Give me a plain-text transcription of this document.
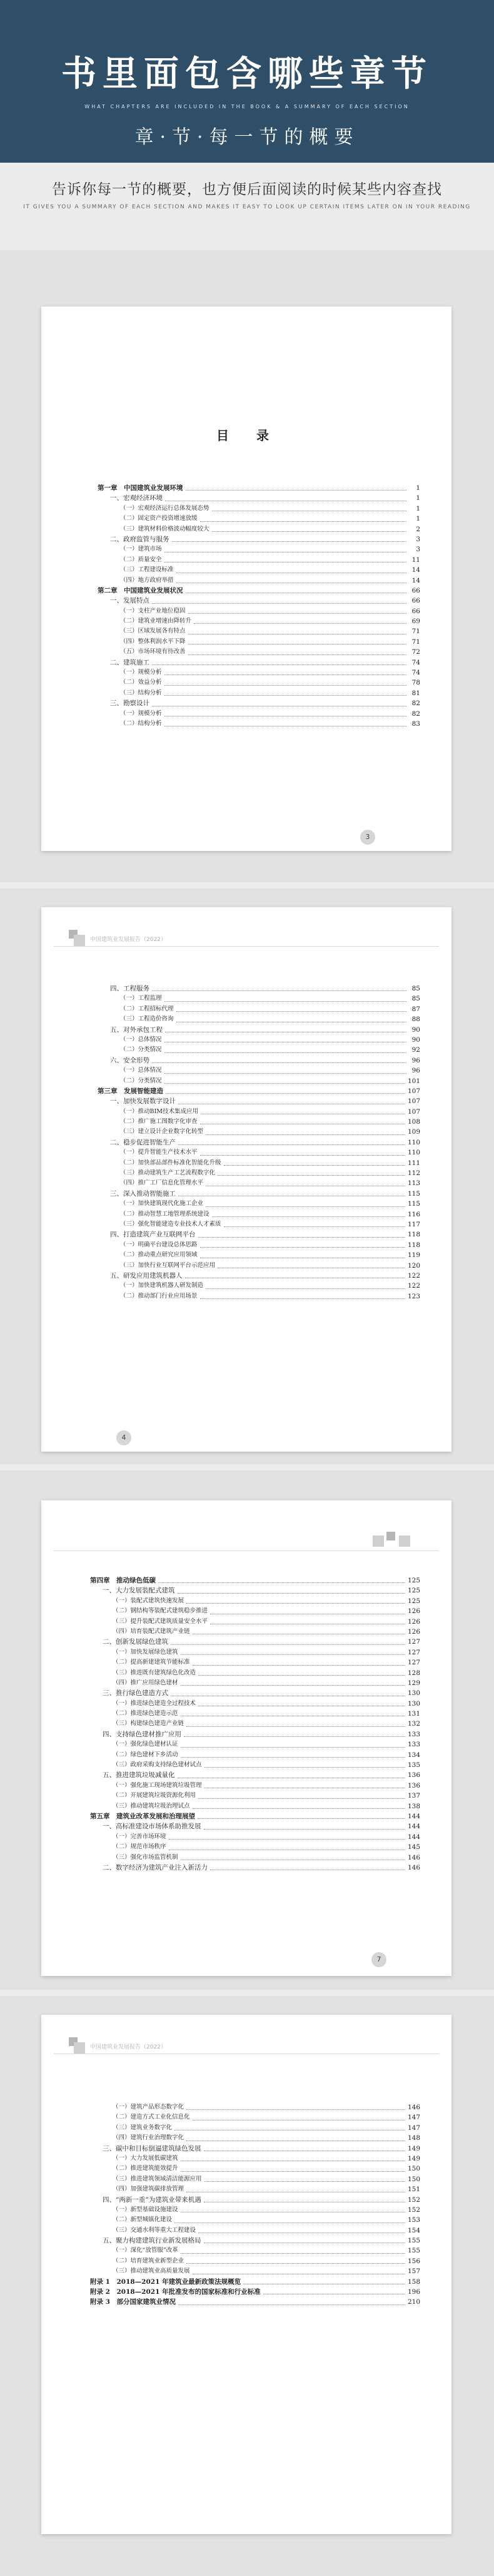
书里面包含哪些章节
WHAT CHAPTERS ARE INCLUDED IN THE BOOK & A SUMMARY OF EACH SECTION
章·节·每一节的概要
告诉你每一节的概要，也方便后面阅读的时候某些内容查找
IT GIVES YOU A SUMMARY OF EACH SECTION AND MAKES IT EASY TO LOOK UP CERTAIN ITEMS LATER ON IN YOUR READING
目　录
第一章　中国建筑业发展环境	1
一、宏观经济环境	1
（一）宏观经济运行总体发展态势	1
（二）固定资产投资增速放缓	1
（三）建筑材料价格波动幅度较大	2
二、政府监管与服务	3
（一）建筑市场	3
（二）质量安全	11
（三）工程建设标准	14
（四）地方政府举措	14
第二章　中国建筑业发展状况	66
一、发展特点	66
（一）支柱产业地位稳固	66
（二）建筑业增速由降转升	69
（三）区域发展各有特点	71
（四）整体利润水平下降	71
（五）市场环境有待改善	72
二、建筑施工	74
（一）规模分析	74
（二）效益分析	78
（三）结构分析	81
三、勘察设计	82
（一）规模分析	82
（二）结构分析	83
3
中国建筑业发展报告（2022）
四、工程服务	85
（一）工程监理	85
（二）工程招标代理	87
（三）工程造价咨询	88
五、对外承包工程	90
（一）总体情况	90
（二）分类情况	92
六、安全形势	96
（一）总体情况	96
（二）分类情况	101
第三章　发展智能建造	107
一、加快发展数字设计	107
（一）推动BIM技术集成应用	107
（二）推广施工图数字化审查	108
（三）建立设计企业数字化转型	109
二、稳步促进智能生产	110
（一）提升智能生产技术水平	110
（二）加快部品部件标准化智能化升级	111
（三）推动建筑生产工艺流程数字化	112
（四）推广工厂信息化管理水平	113
三、深入推动智能施工	115
（一）加快建筑现代化施工企业	115
（二）推动智慧工地管理系统建设	116
（三）强化智能建造专业技术人才素质	117
四、打造建筑产业互联网平台	118
（一）明确平台建设总体思路	118
（二）推动重点研究应用领域	119
（三）加快行业互联网平台示范应用	120
五、研发应用建筑机器人	122
（一）加快建筑机器人研发制造	122
（二）推动部门行业应用场景	123
4
第四章　推动绿色低碳	125
一、大力发展装配式建筑	125
（一）装配式建筑快速发展	125
（二）钢结构等装配式建筑稳步推进	126
（三）提升装配式建筑质量安全水平	126
（四）培育装配式建筑产业链	126
二、创新发展绿色建筑	127
（一）加快发展绿色建筑	127
（二）提高新建建筑节能标准	127
（三）推进既有建筑绿色化改造	128
（四）推广应用绿色建材	129
三、推行绿色建造方式	130
（一）推进绿色建造全过程技术	130
（二）推进绿色建造示范	131
（三）构建绿色建造产业链	132
四、支持绿色建材推广应用	133
（一）强化绿色建材认证	133
（二）绿色建材下乡活动	134
（三）政府采购支持绿色建材试点	135
五、推进建筑垃圾减量化	136
（一）强化施工现场建筑垃圾管理	136
（二）开展建筑垃圾资源化利用	137
（三）推动建筑垃圾治理试点	138
第五章　建筑业改革发展和治理展望	144
一、高标准建设市场体系助推发展	144
（一）完善市场环境	144
（二）规范市场秩序	145
（三）强化市场监管机制	146
二、数字经济为建筑产业注入新活力	146
7
中国建筑业发展报告（2022）
（一）建筑产品形态数字化	146
（二）建造方式工业化信息化	147
（三）建筑业务数字化	147
（四）建筑行业治理数字化	148
三、碳中和目标倒逼建筑绿色发展	149
（一）大力发展低碳建筑	149
（二）推进建筑能效提升	150
（三）推进建筑领域清洁能源应用	150
（四）加强建筑碳排放管理	151
四、“两新一重”为建筑业带来机遇	152
（一）新型基础设施建设	152
（二）新型城镇化建设	153
（三）交通水利等重大工程建设	154
五、聚力构建建筑行业新发展格局	155
（一）深化“放管服”改革	155
（二）培育建筑业新型企业	156
（三）推动建筑业高质量发展	157
附录 1　2018—2021 年建筑业最新政策法规概览	158
附录 2　2018—2021 年批准发布的国家标准和行业标准	196
附录 3　部分国家建筑业情况	210
